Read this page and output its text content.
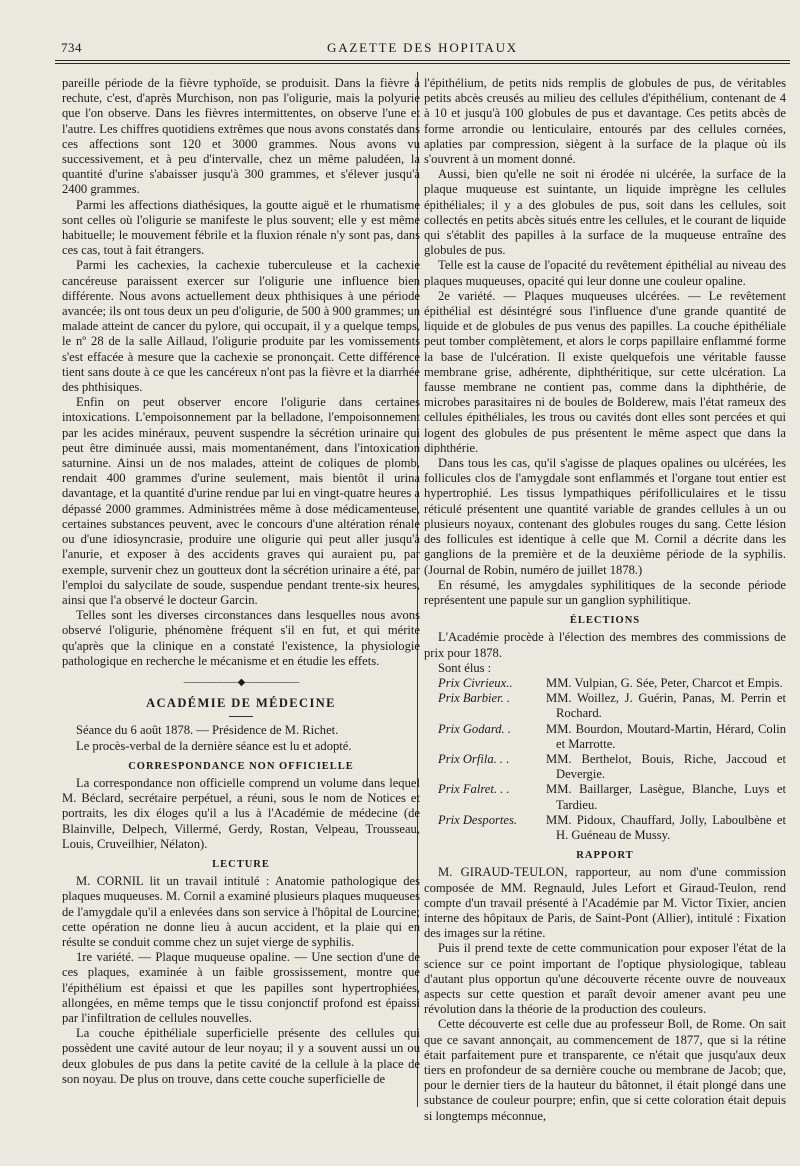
734	GAZETTE DES HOPITAUX

pareille période de la fièvre typhoïde, se produisit. Dans la fièvre à rechute, c'est, d'après Murchison, non pas l'oligurie, mais la polyurie que l'on observe. Dans les fièvres intermittentes, on observe l'une et l'autre. Les chiffres quotidiens extrêmes que nous avons constatés dans ces affections sont 120 et 3000 grammes. Nous avons vu successivement, et à peu d'intervalle, chez un même paludéen, la quantité d'urine s'abaisser jusqu'à 300 grammes, et s'élever jusqu'à 2400 grammes.

Parmi les affections diathésiques, la goutte aiguë et le rhumatisme sont celles où l'oligurie se manifeste le plus souvent; elle y est même habituelle; le mouvement fébrile et la fluxion rénale n'y sont pas, dans ces cas, tout à fait étrangers.

Parmi les cachexies, la cachexie tuberculeuse et la cachexie cancéreuse paraissent exercer sur l'oligurie une influence bien différente. Nous avons actuellement deux phthisiques à une période avancée; ils ont tous deux un peu d'oligurie, de 500 à 900 grammes; un malade atteint de cancer du pylore, qui occupait, il y a quelque temps, le nº 28 de la salle Aillaud, l'oligurie produite par les vomissements s'est effacée à mesure que la cachexie se prononçait. Cette différence tient sans doute à ce que les cancéreux n'ont pas la fièvre et la diarrhée des phthisiques.

Enfin on peut observer encore l'oligurie dans certaines intoxications. L'empoisonnement par la belladone, l'empoisonnement par les acides minéraux, peuvent suspendre la sécrétion urinaire qui peut être diminuée aussi, mais momentanément, dans l'intoxication saturnine. Ainsi un de nos malades, atteint de coliques de plomb, rendait 400 grammes d'urine seulement, mais bientôt il urina davantage, et la quantité d'urine rendue par lui en vingt-quatre heures a dépassé 2000 grammes. Administrées même à dose médicamenteuse, certaines substances peuvent, avec le concours d'une altération rénale ou d'une idiosyncrasie, produire une oligurie qui peut aller jusqu'à l'anurie, et exposer à des accidents graves qui auraient pu, par exemple, survenir chez un goutteux dont la sécrétion urinaire a été, par l'emploi du salycilate de soude, suspendue pendant trente-six heures, ainsi que l'a observé le docteur Garcin.

Telles sont les diverses circonstances dans lesquelles nous avons observé l'oligurie, phénomène fréquent s'il en fut, et qui mérite qu'après que la clinique en a constaté l'existence, la physiologie pathologique en recherche le mécanisme et en étudie les effets.

——————◆——————
ACADÉMIE DE MÉDECINE

Séance du 6 août 1878. — Présidence de M. Richet.

Le procès-verbal de la dernière séance est lu et adopté.

CORRESPONDANCE NON OFFICIELLE

La correspondance non officielle comprend un volume dans lequel M. Béclard, secrétaire perpétuel, a réuni, sous le nom de Notices et portraits, les dix éloges qu'il a lus à l'Académie de médecine (de Blainville, Delpech, Villermé, Gerdy, Rostan, Velpeau, Trousseau, Louis, Cruveilhier, Nélaton).

LECTURE

M. CORNIL lit un travail intitulé : Anatomie pathologique des plaques muqueuses. M. Cornil a examiné plusieurs plaques muqueuses de l'amygdale qu'il a enlevées dans son service à l'hôpital de Lourcine; cette opération ne donne lieu à aucun accident, et la plaie qui en résulte se conduit comme chez un sujet vierge de syphilis.

1re variété. — Plaque muqueuse opaline. — Une section d'une de ces plaques, examinée à un faible grossissement, montre que l'épithélium est épaissi et que les papilles sont hypertrophiées, allongées, en même temps que le tissu conjonctif profond est épaissi par l'infiltration de cellules nouvelles.

La couche épithéliale superficielle présente des cellules qui possèdent une cavité autour de leur noyau; il y a souvent aussi un ou deux globules de pus dans la petite cavité de la cellule à la place de son noyau. De plus on trouve, dans cette couche superficielle de

l'épithélium, de petits nids remplis de globules de pus, de véritables petits abcès creusés au milieu des cellules d'épithélium, contenant de 4 à 10 et jusqu'à 100 globules de pus et davantage. Ces petits abcès de forme arrondie ou lenticulaire, entourés par des cellules cornées, aplaties par compression, siègent à la surface de la plaque où ils s'ouvrent à un moment donné.

Aussi, bien qu'elle ne soit ni érodée ni ulcérée, la surface de la plaque muqueuse est suintante, un liquide imprègne les cellules épithéliales; il y a des globules de pus, soit dans les cellules, soit collectés en petits abcès situés entre les cellules, et le courant de liquide qui s'établit des papilles à la surface de la muqueuse entraîne des globules de pus.

Telle est la cause de l'opacité du revêtement épithélial au niveau des plaques muqueuses, opacité qui leur donne une couleur opaline.

2e variété. — Plaques muqueuses ulcérées. — Le revêtement épithélial est désintégré sous l'influence d'une grande quantité de liquide et de globules de pus venus des papilles. La couche épithéliale peut tomber complètement, et alors le corps papillaire enflammé forme la base de l'ulcération. Il existe quelquefois une véritable fausse membrane grise, adhérente, diphthéritique, sur cette ulcération. La fausse membrane ne contient pas, comme dans la diphthérie, de microbes parasitaires ni de boules de Bolderew, mais l'état rameux des cellules épithéliales, les trous ou cavités dont elles sont percées et qui logent des globules de pus présentent le même aspect que dans la diphthérie.

Dans tous les cas, qu'il s'agisse de plaques opalines ou ulcérées, les follicules clos de l'amygdale sont enflammés et l'organe tout entier est hypertrophié. Les tissus lympathiques périfolliculaires et le tissu réticulé présentent une quantité variable de grandes cellules à un ou plusieurs noyaux, contenant des globules rouges du sang. Cette lésion des follicules est identique à celle que M. Cornil a décrite dans les ganglions de la première et de la deuxième période de la syphilis. (Journal de Robin, numéro de juillet 1878.)

En résumé, les amygdales syphilitiques de la seconde période représentent une papule sur un ganglion syphilitique.

ÉLECTIONS

L'Académie procède à l'élection des membres des commissions de prix pour 1878.

Sont élus :

Prix Civrieux..	MM. Vulpian, G. Sée, Peter, Charcot et Empis.
Prix Barbier. .	MM. Woillez, J. Guérin, Panas, M. Perrin et Rochard.
Prix Godard. .	MM. Bourdon, Moutard-Martin, Hérard, Colin et Marrotte.
Prix Orfila. . .	MM. Berthelot, Bouis, Riche, Jaccoud et Devergie.
Prix Falret. . .	MM. Baillarger, Lasègue, Blanche, Luys et Tardieu.
Prix Desportes.	MM. Pidoux, Chauffard, Jolly, Laboulbène et H. Guéneau de Mussy.
RAPPORT

M. GIRAUD-TEULON, rapporteur, au nom d'une commission composée de MM. Regnauld, Jules Lefort et Giraud-Teulon, rend compte d'un travail présenté à l'Académie par M. Victor Tixier, ancien interne des hôpitaux de Paris, de Saint-Pont (Allier), intitulé : Fixation des images sur la rétine.

Puis il prend texte de cette communication pour exposer l'état de la science sur ce point important de l'optique physiologique, tableau d'autant plus opportun qu'une découverte récente ouvre de nouveaux aspects sur cette question et paraît devoir amener avant peu une révolution dans la théorie de la production des couleurs.

Cette découverte est celle due au professeur Boll, de Rome. On sait que ce savant annonçait, au commencement de 1877, que si la rétine était parfaitement pure et transparente, ce n'était que jusqu'aux deux tiers en profondeur de sa dernière couche ou membrane de Jacob; que, pour le dernier tiers de la hauteur du bâtonnet, il était plongé dans une substance de couleur pourpre; enfin, que si cette coloration était depuis si longtemps méconnue,
